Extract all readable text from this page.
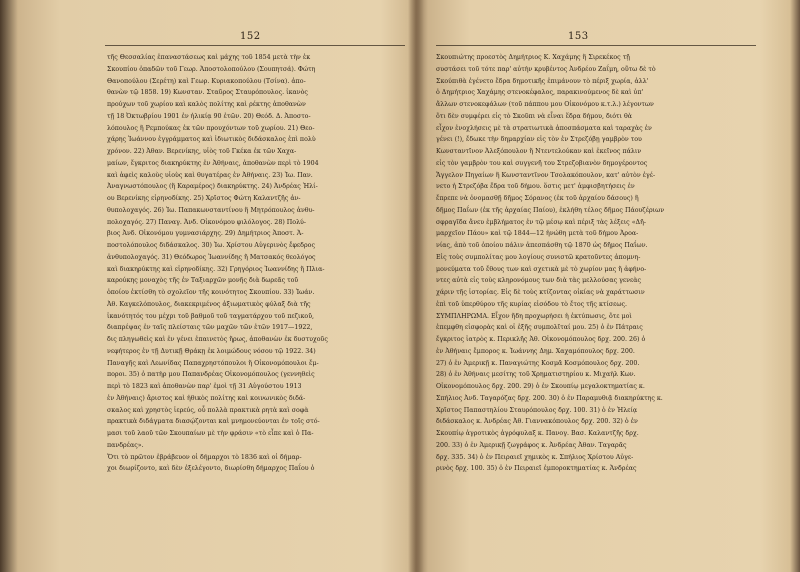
152
τῆς Θεσσαλίας ἐπαναστάσεως καὶ μάχης τοῦ 1854 μετὰ τὴν ἐκ
Σκουπίου ὁπαδῶν τοῦ Γεωρ. Ἀποστολοπούλου (Σουπητσά). Φώτη
Θανοπούλου (Σερέτη) καὶ Γεωρ. Κυριακοπούλου (Τσίνα). ἀπο-
θανὼν τῷ 1858. 19) Κωνσταν. Σταῦρος Σταυρόπουλος. ἱκανὸς
προύχων τοῦ χωρίου καὶ καλὸς πολίτης καὶ ρέκτης ἀποθανὼν
τῇ 18 Ὀκτωβρίου 1901 ἐν ἡλικίᾳ 90 ἐτῶν. 20) Θεόδ. Δ. Ἀποστο-
λόπουλος ἢ Ρεμπούκας ἐκ τῶν προυχόντων τοῦ χωρίου. 21) Θεο-
χάρης Ἰωάννου ἐγγράμματος καὶ ἰδιωτικὸς διδάσκαλος ἐπὶ πολὺ
χρόνον. 22) Ἀθαν. Βερενίκης, υἱὸς τοῦ Γκέκα ἐκ τῶν Χαχα-
μαίων, ἔγκριτος διακηρύκτης ἐν Ἀθήναις, ἀποθανὼν περὶ τὸ 1904
καὶ ἀφεὶς καλοὺς υἱοὺς καὶ θυγατέρας ἐν Ἀθήναις. 23) Ἰω. Παν.
Ἀναγνωστόπουλος (ἢ Καραμέρος) διακηρύκτης. 24) Ἀνδρέας Ἠλί-
ου Βερενίκης εἰρηνοδίκης. 25) Χρῖστος Φώτη Καλαντζῆς ἀν-
θυπολοχαγός. 26) Ἰω. Παπακωνσταντίνου ἢ Μητρόπουλος ἀνθυ-
πολοχαγός. 27) Παναγ. Ἀνδ. Οἰκονόμου φιλόλογος. 28) Πολύ-
βιος Ἀνδ. Οἰκονόμου γυμνασιάρχης. 29) Δημήτριος Ἀποστ. Ἀ-
ποστολόπουλος διδάσκαλος. 30) Ἰω. Χρίστου Αὐγερινὸς ἔφεδρος
ἀνθυπολοχαγός. 31) Θεόδωρος Ἰωαννίδης ἢ Ματσακός θεολόγος
καὶ διακηρύκτης καὶ εἰρηνοδίκης. 32) Γρηγόριος Ἰωαννίδης ἢ Πλια-
καρούκης μοναχὸς τῆς ἐν Ταξιαρχῶν μονῆς διὰ δωρεᾶς τοῦ
ὁποίου ἐκτίσθη τὸ σχολεῖον τῆς κοινότητος Σκουπίου. 33) Ἰωάν.
Ἀθ. Καγκελόπουλος, διακεκριμένος ἀξιωματικὸς φύλαξ διὰ τῆς
ἱκανότητός του μέχρι τοῦ βαθμοῦ τοῦ ταγματάρχου τοῦ πεζικοῦ,
διαπρέψας ἐν ταῖς πλείσταις τῶν μαχῶν τῶν ἐτῶν 1917—1922,
δις πληγωθεὶς καὶ ἐν γένει ἐπαινετὸς ἥρως, ἀποθανὼν ἐκ δυστυχοῦς
νεφήτερος ἐν τῇ Δυτικῇ Θράκῃ ἐκ λοιμώδους νόσου τῷ 1922. 34)
Παναγῆς καὶ Λεωνίδας Παπαχρηστόπουλοι ἢ Οἰκονομόπουλοι ἔμ-
ποροι. 35) ὁ πατὴρ μου Παπανδρέας Οἰκονομόπουλος (γεννηθεὶς
περὶ τὸ 1823 καὶ ἀποθανὼν παρ' ἐμοὶ τῇ 31 Αὐγούστου 1913
ἐν Ἀθήναις) ἄριστος καὶ ἠθικὸς πολίτης καὶ κοινωνικὸς διδά-
σκαλος καὶ χρηστὸς ἱερεύς, οὗ πολλὰ πρακτικὰ ρητὰ καὶ σοφὰ
πρακτικὰ διδάγματα διασῴζονται καὶ μνημονεύονται ἐν τοῖς στό-
μασι τοῦ λαοῦ τῶν Σκουπαίων μὲ τὴν φράσιν «τὸ εἶπε καὶ ὁ Πα-
πανδρέας».
Ὅτι τὸ πρῶτον ἐβράβευον οἱ δήμαρχοι τὸ 1836 καὶ οἱ δήμαρ-
χοι διωρίζοντο, καὶ δὲν ἐξελέγοντο, διωρίσθη δήμαρχος Παΐου ὁ
153
Σκουπιώτης προεστὸς Δημήτριος Κ. Χαχάμης ἢ Σιρεκέκος τῇ
συστάσει τοῦ τότε παρ' αὐτὴν κρυβέντος Ἀνδρέου Ζαΐμη, οὕτω δὲ τὸ
Σκούπιθὰ ἐγένετο ἕδρα δημοτικῆς ἐπιμάνουν τὸ πέριξ χωρία, ἀλλ'
ὁ Δημήτριος Χαχάμης στενοκέφαλος, παρακινούμενος δὲ καὶ ὑπ'
ἄλλων στενοκεφάλων (τοῦ πάππου μου Οἰκονόμου κ.τ.λ.) λέγοντων
ὅτι δὲν συμφέρει εἰς τὸ Σκοῦπι νὰ εἶναι ἕδρα δήμου, διότι θὰ
εἶχον ἐνοχλήσεις μὲ τὰ στρατιωτικὰ ἀποσπάσματα καὶ ταραχὰς ἐν
γένει (!), ἔδωκε τὴν δημαρχίαν εἰς τὸν ἐν Στρεζόβῃ γαμβρὸν του
Κωνσταντῖνον Ἀλεξόπουλον ἢ Ντεντελούκαν καὶ ἐκεῖνος πάλιν
εἰς τὸν γαμβρὸν του καὶ συγγενῆ του Στρεζοβιανὸν δημογέροντος
Ἄγγελον Πηγαίων ἢ Κωνσταντῖνον Τσολακόπουλον, κατ' αὐτὸν ἐγέ-
νετο ἡ Στρεζόβα ἕδρα τοῦ δήμου. ὅστις μετ' ἀμφισβητήσεις ἐν
ἔπρεπε νὰ ὀνομασθῇ δῆμος Σόρανος (ἐκ τοῦ ἀρχαίου δάσους) ἢ
δῆμος Παΐων (ἐκ τῆς ἀρχαίας Παίου), ἐκλήθη τέλος δῆμος Πάουζέριων
σφραγῖδα ἄνευ ἐμβλήματος ἐν τῷ μέσῳ καὶ πέριξ τὰς λέξεις «Δῆ-
μαρχεῖον Πάου» καὶ τῷ 1844—12 ἠνώθη μετὰ τοῦ δήμου Ἀροα-
νίας, ἀπὸ τοῦ ὁποίου πάλιν ἀπεσπάσθη τῷ 1870 ὡς δῆμος Παΐων.
Εἰς τοὺς συμπολίτας μου λογίους συνιστῶ κρατοῦντες ἀπομνη-
μονεύματα τοῦ ἔθους των καὶ σχετικὰ μὲ τὸ χωρίον μας ἢ ἀφήνο-
ντες αὐτὰ εἰς τοὺς κληρονόμους των διὰ τὰς μελλούσας γενεὰς
χάριν τῆς ἱστορίας. Εἰς δὲ τοὺς κτίζοντας οἰκίας νὰ χαράττωσιν
ἐπὶ τοῦ ὑπερθύρου τῆς κυρίας εἰσόδου τὸ ἔτος τῆς κτίσεως.
ΣΥΜΠΛΗΡΩΜΑ. Εἶχον ἤδη προχωρήσει ἡ ἐκτύπωσις, ὅτε μοὶ
ἐπεμφθη εἰσφορὰς καὶ οἱ ἑξῆς συμπολῖταί μου. 25) ὁ ἐν Πάτραις
ἔγκριτος ἰατρὸς κ. Περικλῆς Ἀθ. Οἰκονομόπουλος δρχ. 200. 26) ὁ
ἐν Ἀθήναις ἔμπορος κ. Ἰωάννης Δημ. Χαχαμόπουλος δρχ. 200.
27) ὁ ἐν Ἀμερικῇ κ. Παναγιώτης Κοσμᾶ Κοσμόπουλος δρχ. 200.
28) ὁ ἐν Ἀθήναις μεσίτης τοῦ Χρηματιστηρίου κ. Μιχαὴλ Κων.
Οἰκονομόπουλος δρχ. 200. 29) ὁ ἐν Σκουπίῳ μεγαλοκτηματίας κ.
Σπήλιος Ἀνδ. Ταγαρόζας δρχ. 200. 30) ὁ ἐν Παραμυθιᾷ διακηρύκτης κ.
Χρῖστος Παπαστηλίου Σταυρόπουλος δρχ. 100. 31) ὁ ἐν Ἠλείᾳ
διδάσκαλος κ. Ἀνδρέας Ἀθ. Γιαννακόπουλος δρχ. 200. 32) ὁ ἐν
Σκουπίῳ ἀγροτικὸς ἀγρόφυλαξ κ. Πανογ. Βασ. Καλαντζῆς δρχ.
200. 33) ὁ ἐν Ἀμερικῇ ζωγράφος κ. Ἀνδρέας Ἀθαν. Ταγαρᾶς
δρχ. 335. 34) ὁ ἐν Πειραιεῖ χημικὸς κ. Σπήλιος Χρίστου Αὐγε-
ρινὸς δρχ. 100. 35) ὁ ἐν Πειραιεῖ ἐμποροκτηματίας κ. Ἀνδρέας
